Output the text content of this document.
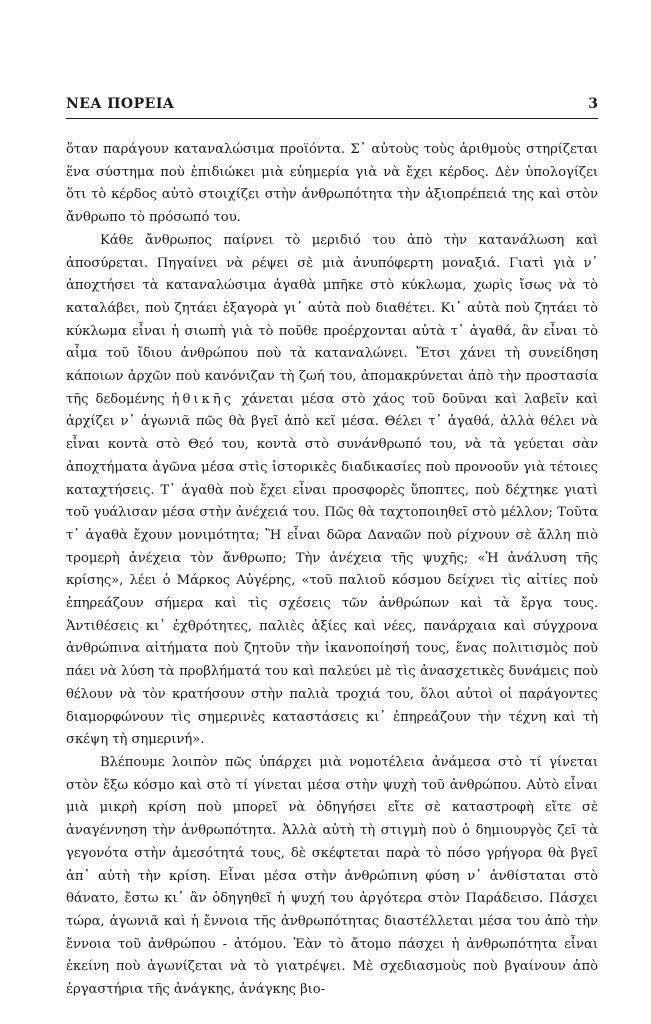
ΝΕΑ ΠΟΡΕΙΑ	3

ὅταν παράγουν καταναλώσιμα προϊόντα. Σ᾿ αὐτοὺς τοὺς ἀριθμοὺς στηρίζεται ἕνα σύστημα ποὺ ἐπιδιώκει μιὰ εὐημερία γιὰ νὰ ἔχει κέρδος. Δὲν ὑπολογίζει ὅτι τὸ κέρδος αὐτὸ στοιχίζει στὴν ἀνθρωπότητα τὴν ἀξιοπρέπειά της καὶ στὸν ἄνθρωπο τὸ πρόσωπό του.

Κάθε ἄνθρωπος παίρνει τὸ μεριδιό του ἀπὸ τὴν κατανάλωση καὶ ἀποσύρεται. Πηγαίνει νὰ ρέψει σὲ μιὰ ἀνυπόφερτη μοναξιά. Γιατὶ γιὰ ν᾿ ἀποχτήσει τὰ καταναλώσιμα ἀγαθὰ μπῆκε στὸ κύκλωμα, χωρὶς ἴσως νὰ τὸ καταλάβει, ποὺ ζητάει ἐξαγορὰ γι᾿ αὐτὰ ποὺ διαθέτει. Κι᾿ αὐτὰ ποὺ ζητάει τὸ κύκλωμα εἶναι ἡ σιωπὴ γιὰ τὸ ποῦθε προέρχονται αὐτὰ τ᾿ ἀγαθά, ἂν εἶναι τὸ αἷμα τοῦ ἴδιου ἀνθρώπου ποὺ τὰ καταναλώνει. Ἔτσι χάνει τὴ συνείδηση κάποιων ἀρχῶν ποὺ κανόνιζαν τὴ ζωή του, ἀπομακρύνεται ἀπὸ τὴν προστασία τῆς δεδομένης ἠθικῆς χάνεται μέσα στὸ χάος τοῦ δοῦναι καὶ λαβεῖν καὶ ἀρχίζει ν᾿ ἀγωνιᾶ πῶς θὰ βγεῖ ἀπὸ κεῖ μέσα. Θέλει τ᾿ ἀγαθά, ἀλλὰ θέλει νὰ εἶναι κοντὰ στὸ Θεό του, κοντὰ στὸ συνάνθρωπό του, νὰ τὰ γεύεται σὰν ἀποχτήματα ἀγῶνα μέσα στὶς ἱστορικὲς διαδικασίες ποὺ προνοοῦν γιὰ τέτοιες καταχτήσεις. Τ᾿ ἀγαθὰ ποὺ ἔχει εἶναι προσφορὲς ὕποπτες, ποὺ δέχτηκε γιατὶ τοῦ γυάλισαν μέσα στὴν ἀνέχειά του. Πῶς θὰ ταχτοποιηθεῖ στὸ μέλλον; Τοῦτα τ᾿ ἀγαθὰ ἔχουν μονιμότητα; Ἢ εἶναι δῶρα Δαναῶν ποὺ ρίχνουν σὲ ἄλλη πιὸ τρομερὴ ἀνέχεια τὸν ἄνθρωπο; Τὴν ἀνέχεια τῆς ψυχῆς; «Ἡ ἀνάλυση τῆς κρίσης», λέει ὁ Μάρκος Αὐγέρης, «τοῦ παλιοῦ κόσμου δείχνει τὶς αἰτίες ποὺ ἐπηρεάζουν σήμερα καὶ τὶς σχέσεις τῶν ἀνθρώπων καὶ τὰ ἔργα τους. Ἀντιθέσεις κι᾿ ἐχθρότητες, παλιὲς ἀξίες καὶ νέες, πανάρχαια καὶ σύγχρονα ἀνθρώπινα αἰτήματα ποὺ ζητοῦν τὴν ἱκανοποίησή τους, ἕνας πολιτισμὸς ποὺ πάει νὰ λύση τὰ προβλήματά του καὶ παλεύει μὲ τὶς ἀνασχετικὲς δυνάμεις ποὺ θέλουν νὰ τὸν κρατήσουν στὴν παλιὰ τροχιά του, ὅλοι αὐτοὶ οἱ παράγοντες διαμορφώνουν τὶς σημερινὲς καταστάσεις κι᾿ ἐπηρεάζουν τὴν τέχνη καὶ τὴ σκέψη τὴ σημερινή».

Βλέπουμε λοιπὸν πῶς ὑπάρχει μιὰ νομοτέλεια ἀνάμεσα στὸ τί γίνεται στὸν ἔξω κόσμο καὶ στὸ τί γίνεται μέσα στὴν ψυχὴ τοῦ ἀνθρώπου. Αὐτὸ εἶναι μιὰ μικρὴ κρίση ποὺ μπορεῖ νὰ ὁδηγήσει εἴτε σὲ καταστροφὴ εἴτε σὲ ἀναγέννηση τὴν ἀνθρωπότητα. Ἀλλὰ αὐτὴ τὴ στιγμὴ ποὺ ὁ δημιουργὸς ζεῖ τὰ γεγονότα στὴν ἀμεσότητά τους, δὲ σκέφτεται παρὰ τὸ πόσο γρήγορα θὰ βγεῖ ἀπ᾿ αὐτὴ τὴν κρίση. Εἶναι μέσα στὴν ἀνθρώπινη φύση ν᾿ ἀνθίσταται στὸ θάνατο, ἔστω κι᾿ ἂν ὁδηγηθεῖ ἡ ψυχή του ἀργότερα στὸν Παράδεισο. Πάσχει τώρα, ἀγωνιᾶ καὶ ἡ ἔννοια τῆς ἀνθρωπότητας διαστέλλεται μέσα του ἀπὸ τὴν ἔννοια τοῦ ἀνθρώπου - ἀτόμου. Ἐὰν τὸ ἄτομο πάσχει ἡ ἀνθρωπότητα εἶναι ἐκείνη ποὺ ἀγωνίζεται νὰ τὸ γιατρέψει. Μὲ σχεδιασμοὺς ποὺ βγαίνουν ἀπὸ ἐργαστήρια τῆς ἀνάγκης, ἀνάγκης βιο-
